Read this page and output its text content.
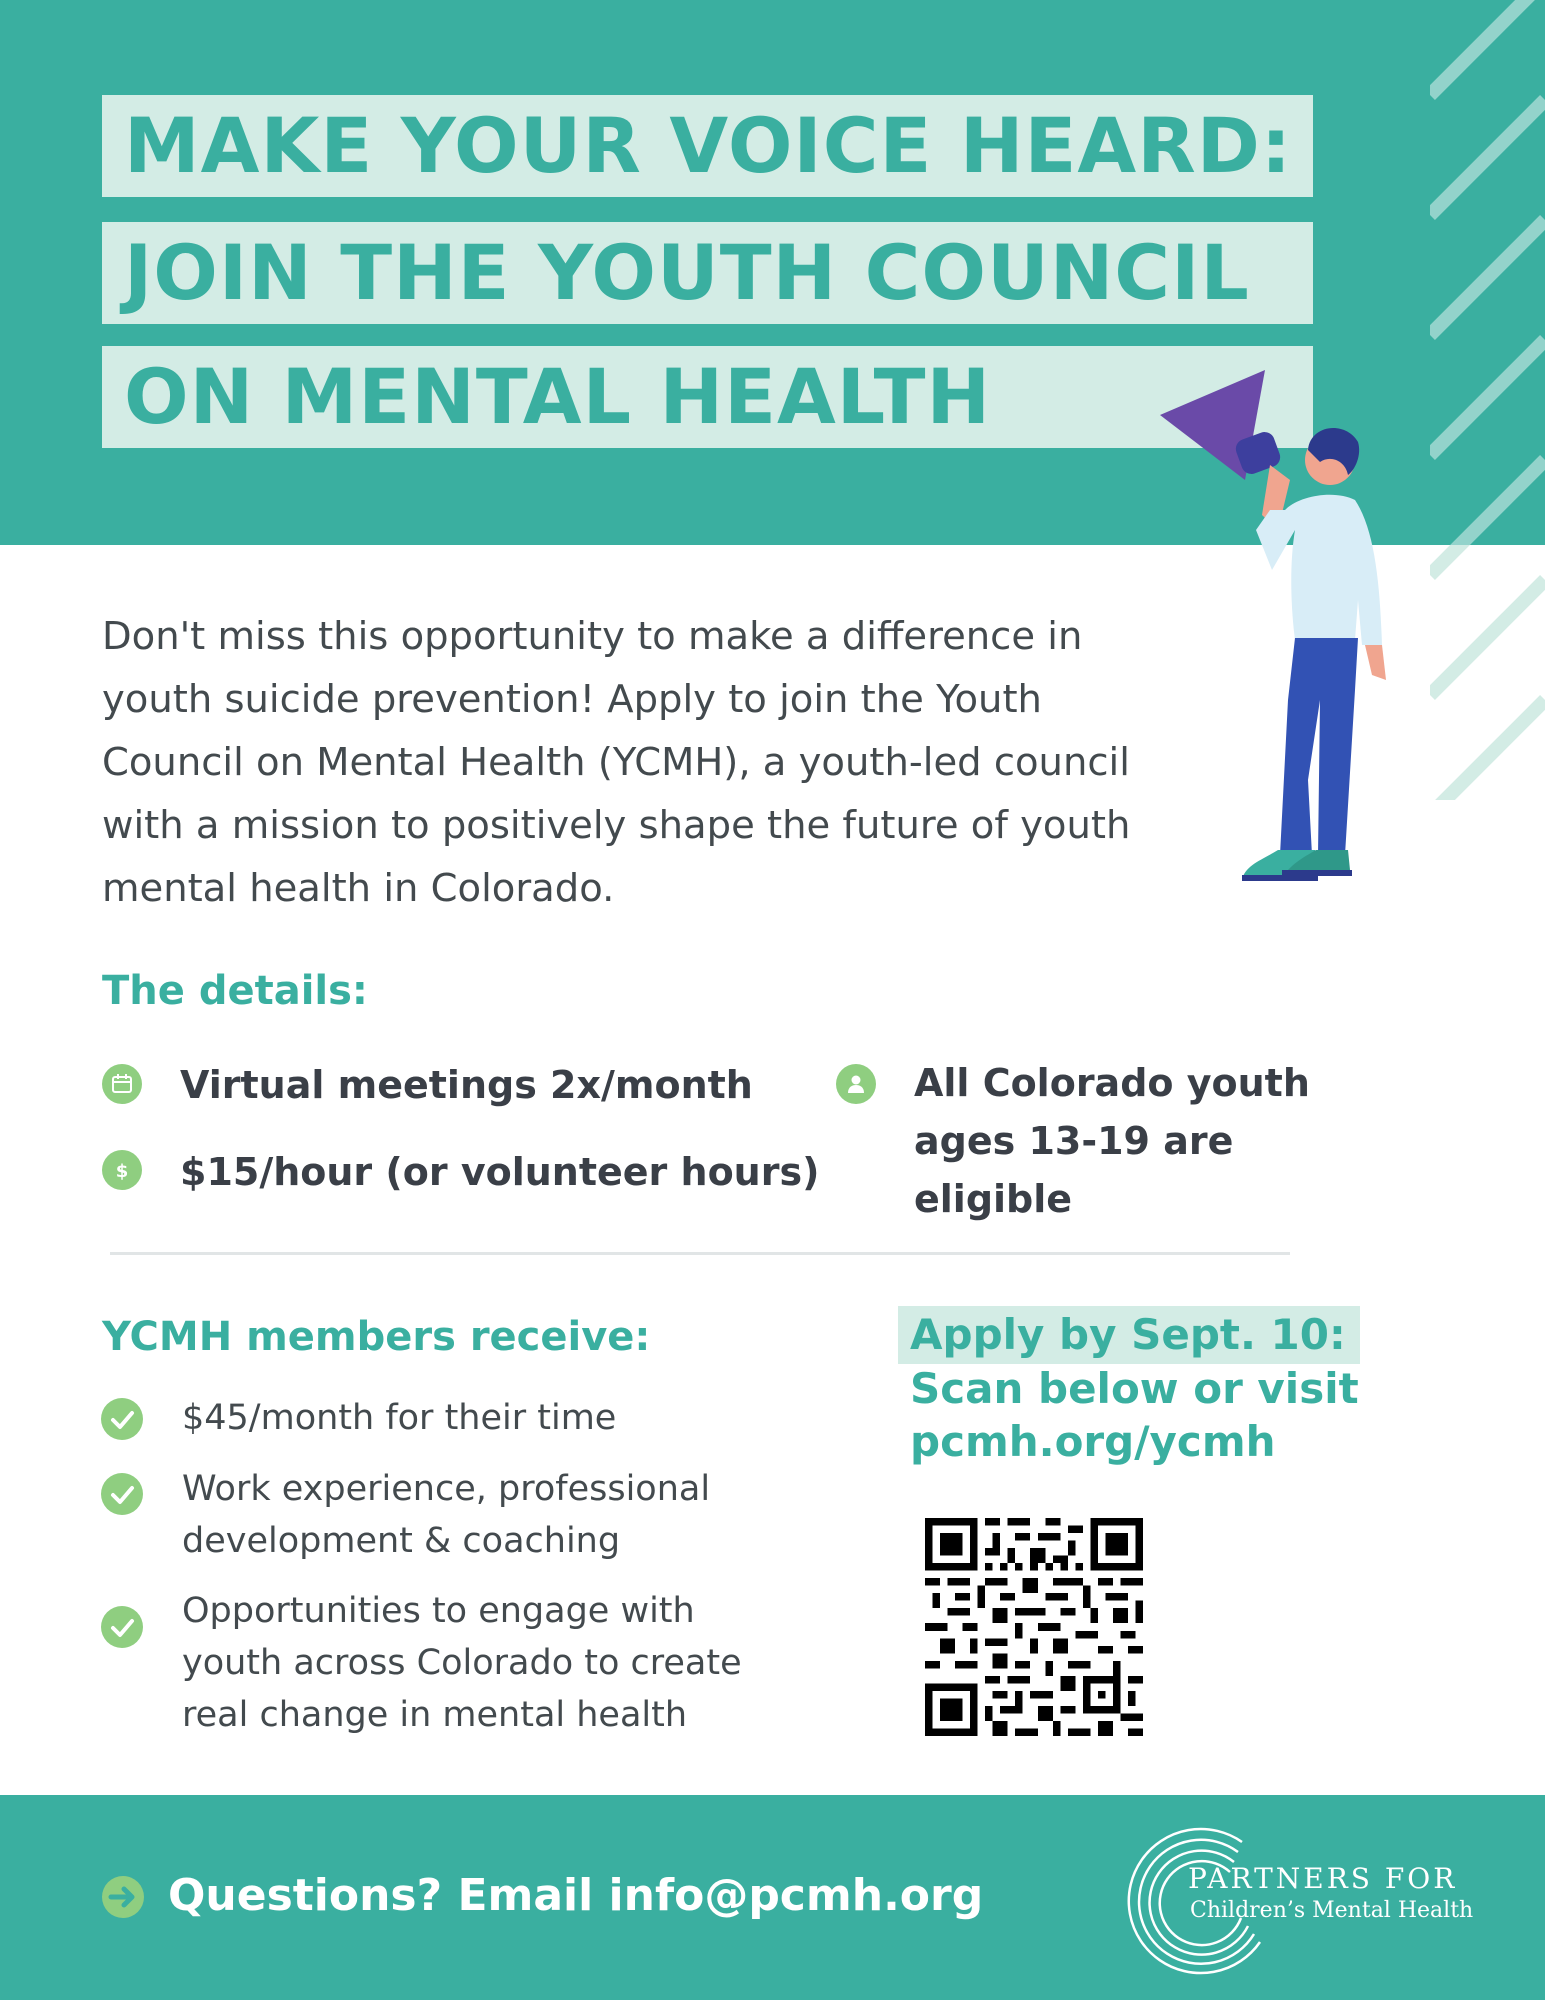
MAKE YOUR VOICE HEARD:
JOIN THE YOUTH COUNCIL
ON MENTAL HEALTH
Don't miss this opportunity to make a difference in youth suicide prevention! Apply to join the Youth Council on Mental Health (YCMH), a youth-led council with a mission to positively shape the future of youth mental health in Colorado.
The details:
Virtual meetings 2x/month
$ $15/hour (or volunteer hours)
All Colorado youth ages 13-19 are eligible
YCMH members receive:
$45/month for their time
Work experience, professional development & coaching
Opportunities to engage with youth across Colorado to create real change in mental health
Apply by Sept. 10:
Scan below or visit
pcmh.org/ycmh
Questions? Email info@pcmh.org	PARTNERS FOR
Children’s Mental Health
